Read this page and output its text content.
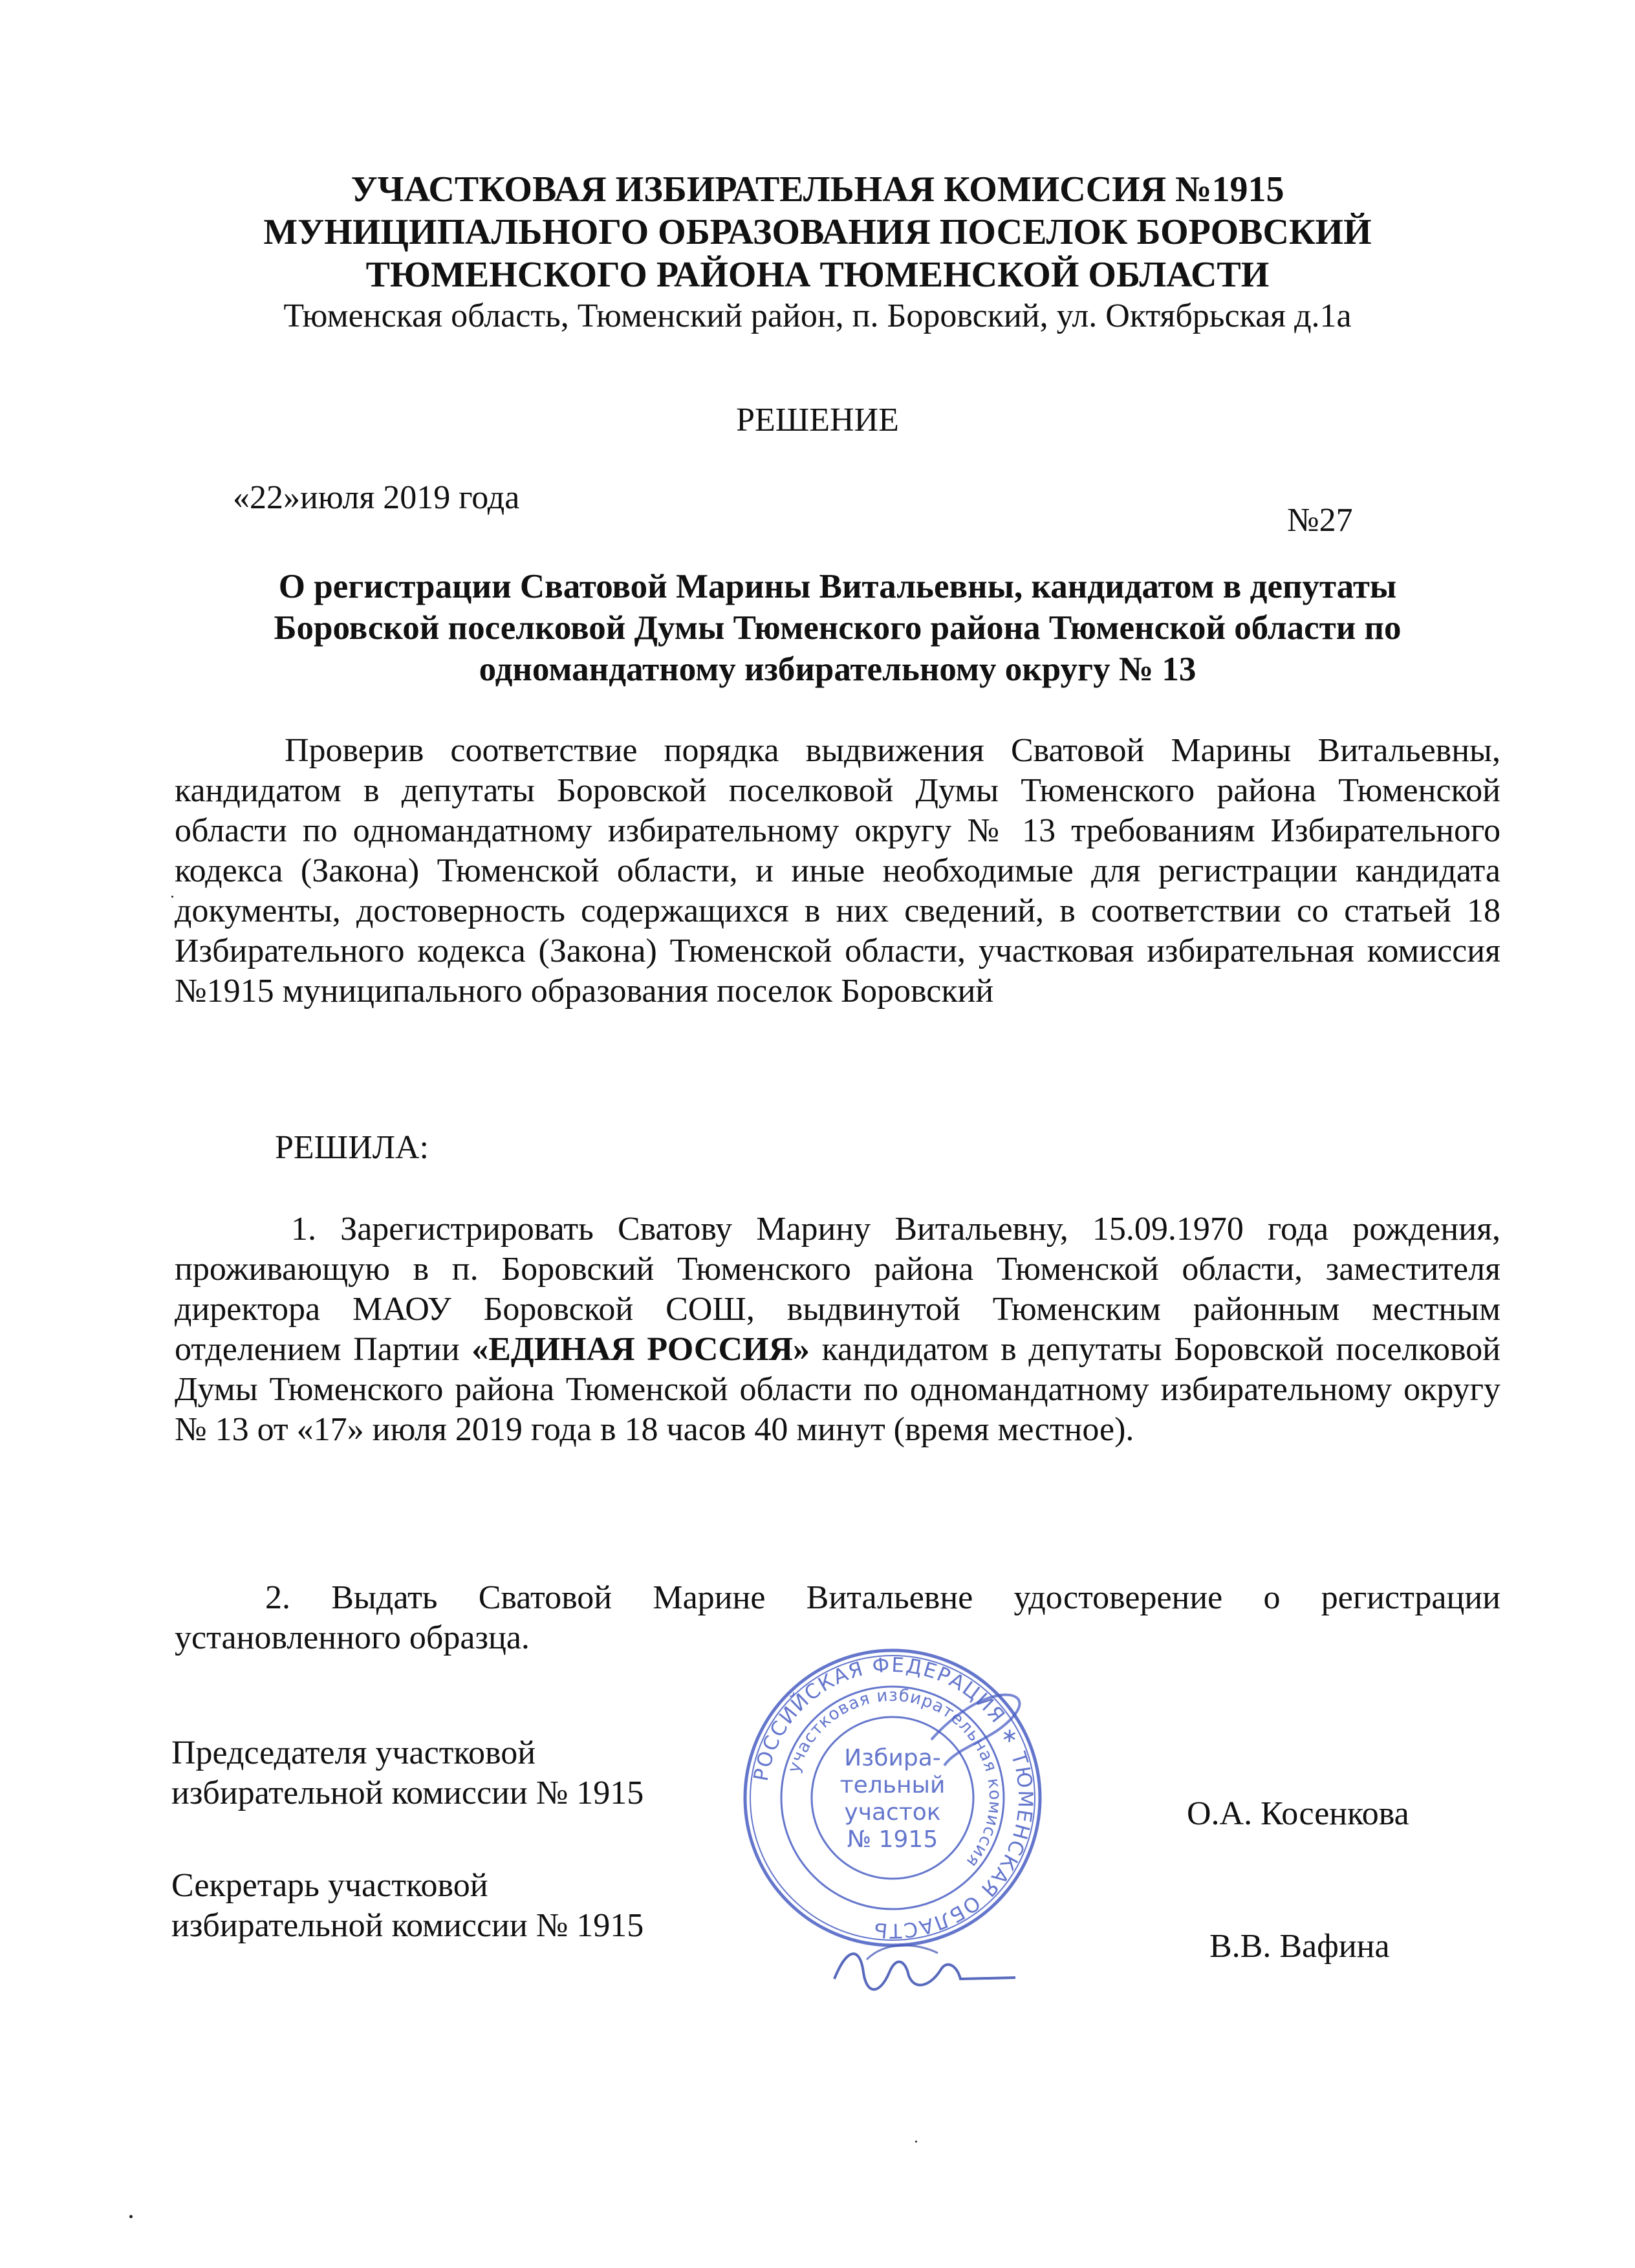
УЧАСТКОВАЯ ИЗБИРАТЕЛЬНАЯ КОМИССИЯ №1915
МУНИЦИПАЛЬНОГО ОБРАЗОВАНИЯ ПОСЕЛОК БОРОВСКИЙ
ТЮМЕНСКОГО РАЙОНА ТЮМЕНСКОЙ ОБЛАСТИ
Тюменская область, Тюменский район, п. Боровский, ул. Октябрьская д.1а
РЕШЕНИЕ
«22»июля 2019 года
№27
О регистрации Сватовой Марины Витальевны, кандидатом в депутаты Боровской поселковой Думы Тюменского района Тюменской области по одномандатному избирательному округу № 13
Проверив соответствие порядка выдвижения Сватовой Марины Витальевны, кандидатом в депутаты Боровской поселковой Думы Тюменского района Тюменской области по одномандатному избирательному округу № 13 требованиям Избирательного кодекса (Закона) Тюменской области, и иные необходимые для регистрации кандидата документы, достоверность содержащихся в них сведений, в соответствии со статьей 18 Избирательного кодекса (Закона) Тюменской области, участковая избирательная комиссия №1915 муниципального образования поселок Боровский
РЕШИЛА:
1. Зарегистрировать Сватову Марину Витальевну, 15.09.1970 года рождения, проживающую в п. Боровский Тюменского района Тюменской области, заместителя директора МАОУ Боровской СОШ, выдвинутой Тюменским районным местным отделением Партии «ЕДИНАЯ РОССИЯ» кандидатом в депутаты Боровской поселковой Думы Тюменского района Тюменской области по одномандатному избирательному округу № 13 от «17» июля 2019 года в 18 часов 40 минут (время местное).
2. Выдать Сватовой Марине Витальевне удостоверение о регистрации установленного образца.
Председателя участковой
избирательной комиссии № 1915
О.А. Косенкова
Секретарь участковой
избирательной комиссии № 1915
В.В. Вафина
РОССИЙСКАЯ ФЕДЕРАЦИЯ ∗ ТЮМЕНСКАЯ ОБЛАСТЬ
участковая избирательная комиссия
Избира-
тельный
участок
№ 1915
